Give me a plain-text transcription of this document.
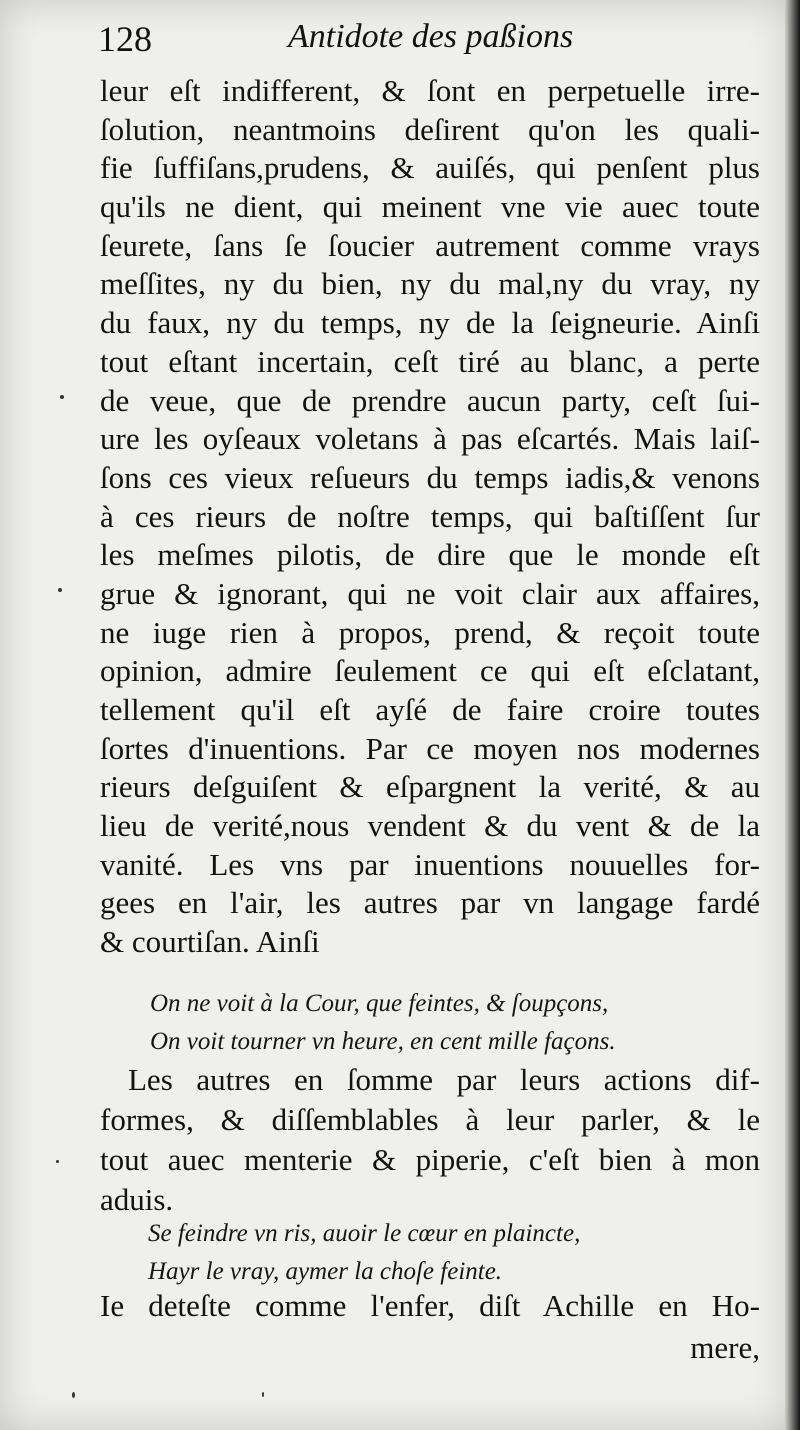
128	Antidote des paßions
leur eſt indifferent, & ſont en perpetuelle irre-
ſolution, neantmoins deſirent qu'on les quali-
fie ſuffiſans,prudens, & auiſés, qui penſent plus
qu'ils ne dient, qui meinent vne vie auec toute
ſeurete, ſans ſe ſoucier autrement comme vrays
meſſites, ny du bien, ny du mal,ny du vray, ny
du faux, ny du temps, ny de la ſeigneurie. Ainſi
tout eſtant incertain, ceſt tiré au blanc, a perte
de veue, que de prendre aucun party, ceſt ſui-
ure les oyſeaux voletans à pas eſcartés. Mais laiſ-
ſons ces vieux reſueurs du temps iadis,& venons
à ces rieurs de noſtre temps, qui baſtiſſent ſur
les meſmes pilotis, de dire que le monde eſt
grue & ignorant, qui ne voit clair aux affaires,
ne iuge rien à propos, prend, & reçoit toute
opinion, admire ſeulement ce qui eſt eſclatant,
tellement qu'il eſt ayſé de faire croire toutes
ſortes d'inuentions. Par ce moyen nos modernes
rieurs deſguiſent & eſpargnent la verité, & au
lieu de verité,nous vendent & du vent & de la
vanité. Les vns par inuentions nouuelles for-
gees en l'air, les autres par vn langage fardé
& courtiſan. Ainſi
On ne voit à la Cour, que feintes, & ſoupçons,
On voit tourner vn heure, en cent mille façons.
Les autres en ſomme par leurs actions dif-
formes, & diſſemblables à leur parler, & le
tout auec menterie & piperie, c'eſt bien à mon
aduis.
Se feindre vn ris, auoir le cœur en plaincte,
Hayr le vray, aymer la choſe feinte.
Ie deteſte comme l'enfer, diſt Achille en Ho-
mere,
